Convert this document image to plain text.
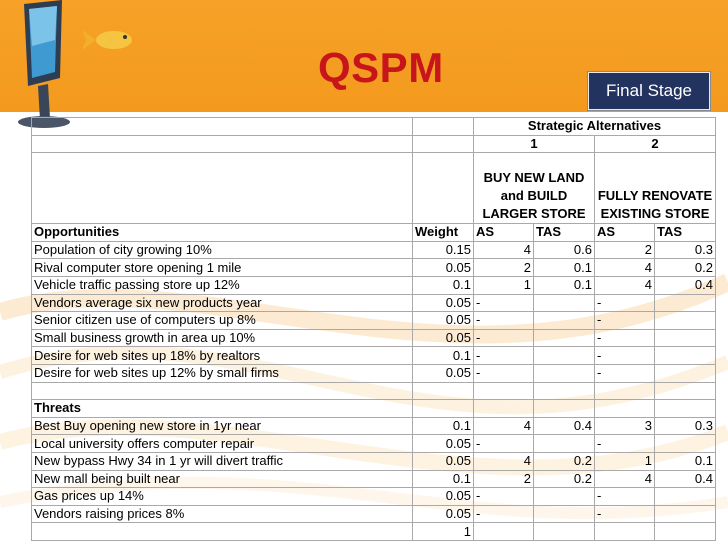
QSPM	Final Stage
		Strategic Alternatives			
		1		2	
		BUY NEW LAND and BUILD LARGER STORE		FULLY RENOVATE EXISTING STORE	
Opportunities	Weight	AS	TAS	AS	TAS
Population of city growing 10%	0.15	4	0.6	2	0.3
Rival computer store opening 1 mile	0.05	2	0.1	4	0.2
Vehicle traffic passing store up 12%	0.1	1	0.1	4	0.4
Vendors average six new products year	0.05	-		-	
Senior citizen use of computers up 8%	0.05	-		-	
Small business growth in area up 10%	0.05	-		-	
Desire for web sites up 18% by realtors	0.1	-		-	
Desire for web sites up 12% by small firms	0.05	-		-	

Threats					
Best Buy opening new store in 1yr near	0.1	4	0.4	3	0.3
Local university offers computer repair	0.05	-		-	
New bypass Hwy 34 in 1 yr will divert traffic	0.05	4	0.2	1	0.1
New mall being built near	0.1	2	0.2	4	0.4
Gas prices up 14%	0.05	-		-	
Vendors raising prices 8%	0.05	-		-	
	1				
